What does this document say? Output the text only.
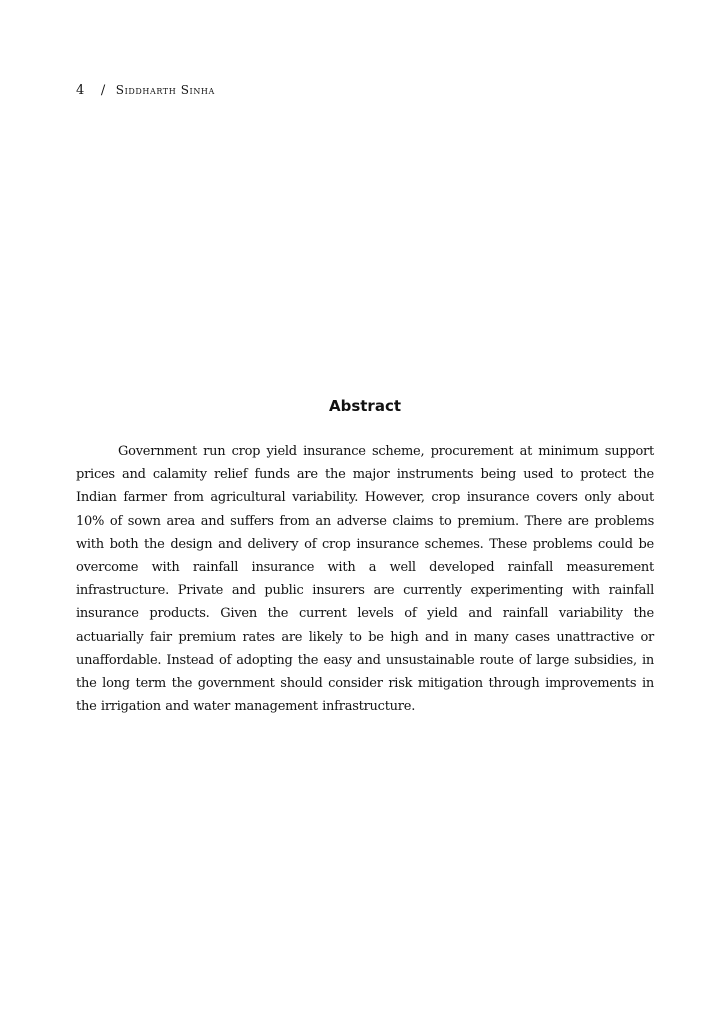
4 / Siddharth Sinha
Abstract

Government run crop yield insurance scheme, procurement at minimum support prices and calamity relief funds are the major instruments being used to protect the Indian farmer from agricultural variability. However, crop insurance covers only about 10% of sown area and suffers from an adverse claims to premium. There are problems with both the design and delivery of crop insurance schemes. These problems could be overcome with rainfall insurance with a well developed rainfall measurement infrastructure. Private and public insurers are currently experimenting with rainfall insurance products. Given the current levels of yield and rainfall variability the actuarially fair premium rates are likely to be high and in many cases unattractive or unaffordable. Instead of adopting the easy and unsustainable route of large subsidies, in the long term the government should consider risk mitigation through improvements in the irrigation and water management infrastructure.
